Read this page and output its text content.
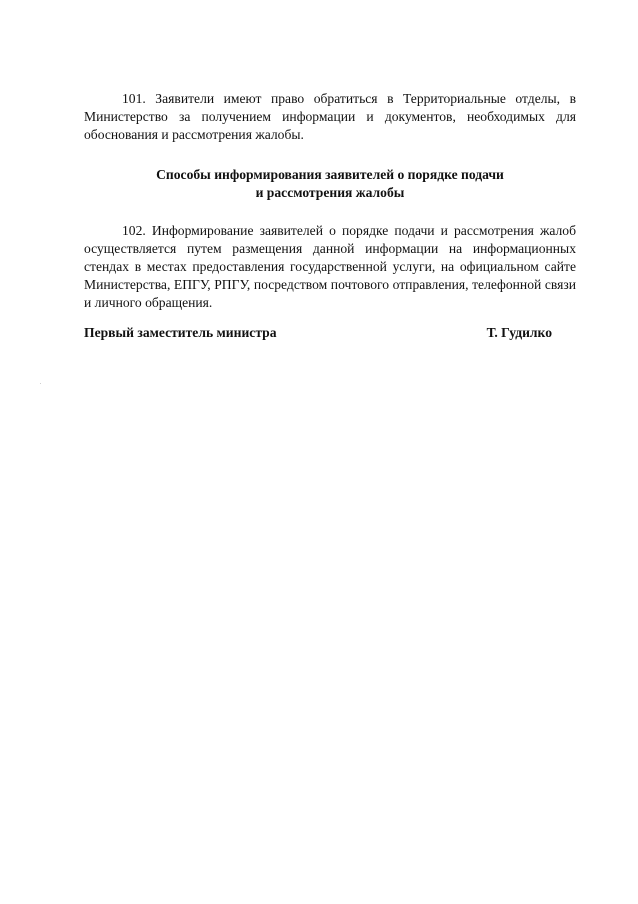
101. Заявители имеют право обратиться в Территориальные отделы, в Министерство за получением информации и документов, необходимых для обоснования и рассмотрения жалобы.

Способы информирования заявителей о порядке подачи
и рассмотрения жалобы

102. Информирование заявителей о порядке подачи и рассмотрения жалоб осуществляется путем размещения данной информации на информационных стендах в местах предоставления государственной услуги, на официальном сайте Министерства, ЕПГУ, РПГУ, посредством почтового отправления, телефонной связи и личного обращения.

Первый заместитель министра	Т. Гудилко
